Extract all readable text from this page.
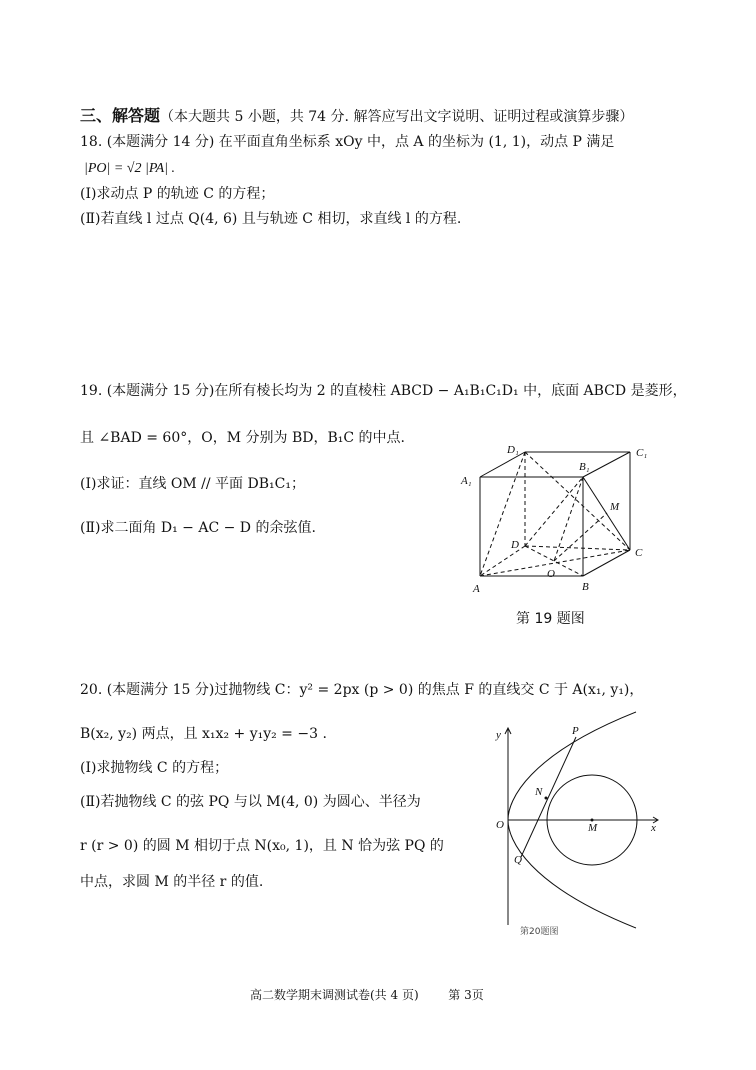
三、解答题（本大题共 5 小题，共 74 分. 解答应写出文字说明、证明过程或演算步骤）
18. (本题满分 14 分) 在平面直角坐标系 xOy 中，点 A 的坐标为 (1, 1)，动点 P 满足
|PO| = √2 |PA| .
(Ⅰ)求动点 P 的轨迹 C 的方程；
(Ⅱ)若直线 l 过点 Q(4, 6) 且与轨迹 C 相切，求直线 l 的方程.
19. (本题满分 15 分)在所有棱长均为 2 的直棱柱 ABCD − A₁B₁C₁D₁ 中，底面 ABCD 是菱形，
且 ∠BAD = 60°，O，M 分别为 BD，B₁C 的中点.
(Ⅰ)求证：直线 OM // 平面 DB₁C₁；
(Ⅱ)求二面角 D₁ − AC − D 的余弦值.
D₁	C₁
B₁
A₁
M
D
C
O
A	B
第 19 题图
20. (本题满分 15 分)过抛物线 C：y² = 2px (p > 0) 的焦点 F 的直线交 C 于 A(x₁, y₁)，
B(x₂, y₂) 两点，且 x₁x₂ + y₁y₂ = −3 .
(Ⅰ)求抛物线 C 的方程；
(Ⅱ)若抛物线 C 的弦 PQ 与以 M(4, 0) 为圆心、半径为
r (r > 0) 的圆 M 相切于点 N(x₀, 1)，且 N 恰为弦 PQ 的
中点，求圆 M 的半径 r 的值.
y	P
N
O	M	x
Q
第20题图
高二数学期末调测试卷(共 4 页) 第 3页
